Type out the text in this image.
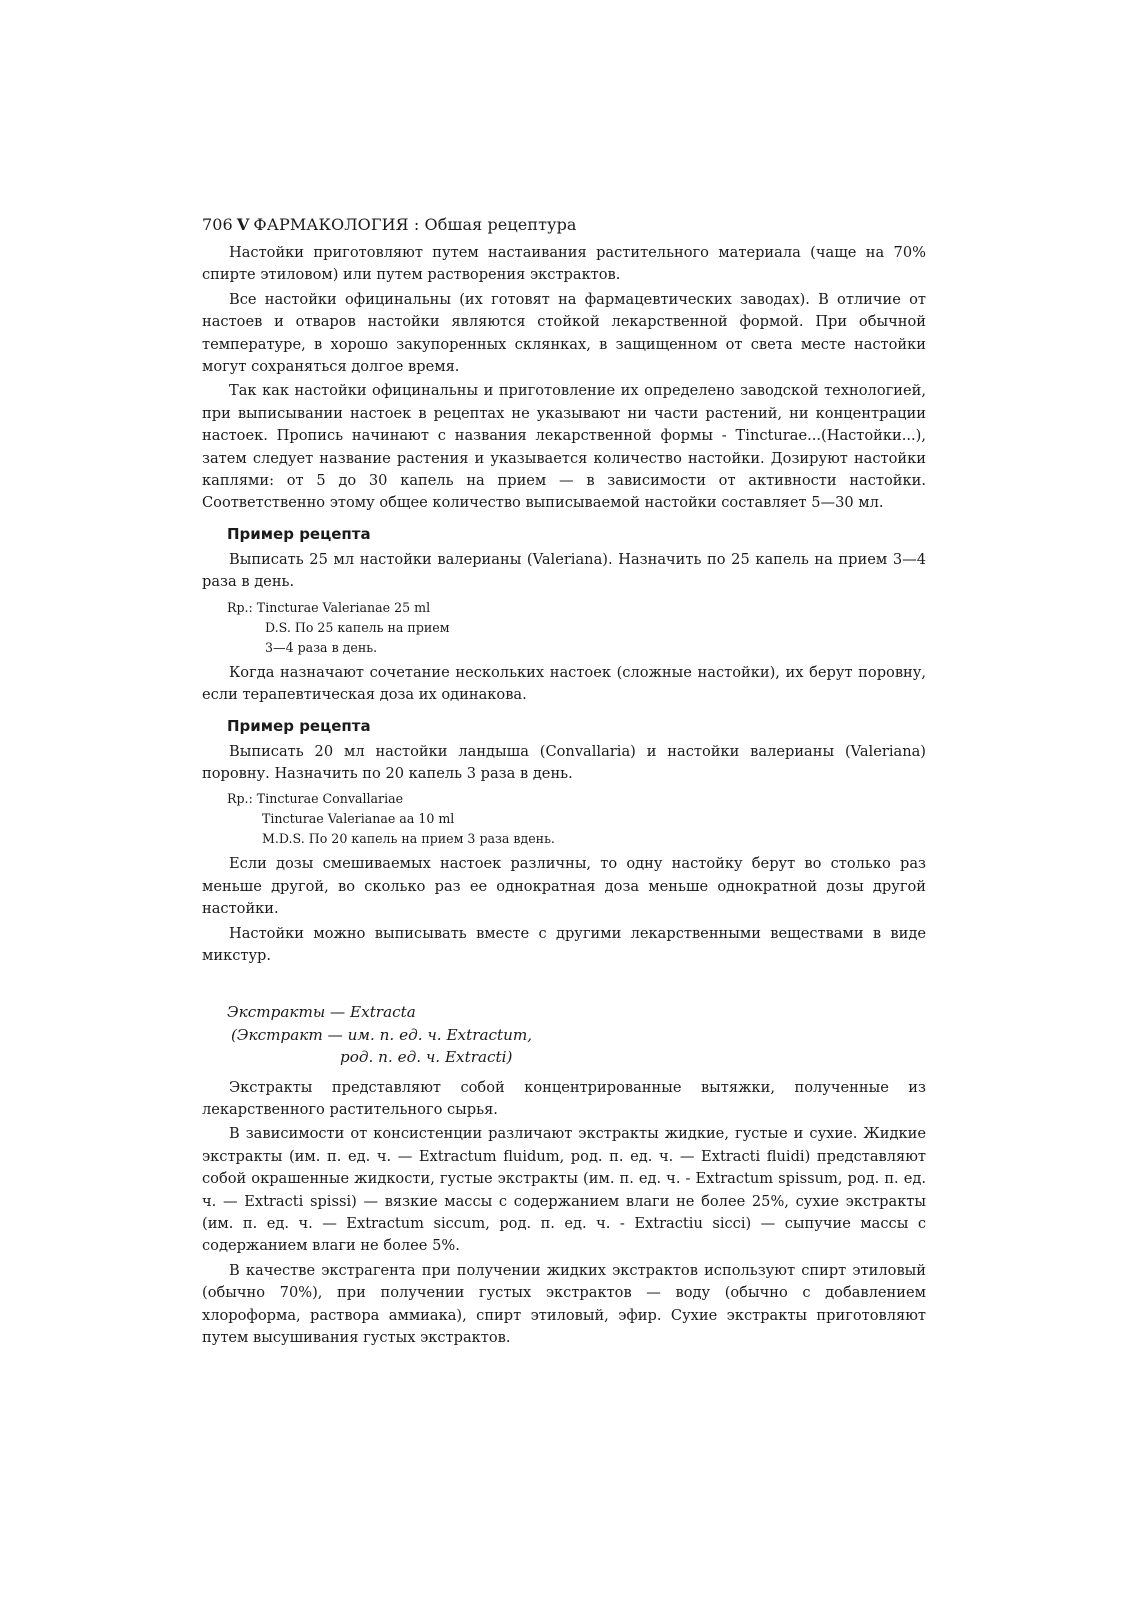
706 V ФАРМАКОЛОГИЯ : Обшая рецептура

Настойки приготовляют путем настаивания растительного материала (чаще на 70% спирте этиловом) или путем растворения экстрактов.

Все настойки официнальны (их готовят на фармацевтических заводах). В отличие от настоев и отваров настойки являются стойкой лекарственной формой. При обычной температуре, в хорошо закупоренных склянках, в защищенном от света месте настойки могут сохраняться долгое время.

Так как настойки официнальны и приготовление их определено заводской технологией, при выписывании настоек в рецептах не указывают ни части растений, ни концентрации настоек. Пропись начинают с названия лекарственной формы - Tincturae...(Настойки...), затем следует название растения и указывается количество настойки. Дозируют настойки каплями: от 5 до 30 капель на прием — в зависимости от активности настойки. Соответственно этому общее количество выписываемой настойки составляет 5—30 мл.

Пример рецепта

Выписать 25 мл настойки валерианы (Valeriana). Назначить по 25 капель на прием 3—4 раза в день.

Rp.: Tincturae Valerianae 25 ml
D.S. По 25 капель на прием
3—4 раза в день.

Когда назначают сочетание нескольких настоек (сложные настойки), их берут поровну, если терапевтическая доза их одинакова.

Пример рецепта

Выписать 20 мл настойки ландыша (Convallaria) и настойки валерианы (Valeriana) поровну. Назначить по 20 капель 3 раза в день.

Rp.: Tincturae Convallariae
Tincturae Valerianae aa 10 ml
M.D.S. По 20 капель на прием 3 раза вдень.

Если дозы смешиваемых настоек различны, то одну настойку берут во столько раз меньше другой, во сколько раз ее однократная доза меньше однократной дозы другой настойки.

Настойки можно выписывать вместе с другими лекарственными веществами в виде микстур.

Экстракты — Extracta
(Экстракт — им. п. ед. ч. Extractum,
род. п. ед. ч. Extracti)

Экстракты представляют собой концентрированные вытяжки, полученные из лекарственного растительного сырья.

В зависимости от консистенции различают экстракты жидкие, густые и сухие. Жидкие экстракты (им. п. ед. ч. — Extractum fluidum, род. п. ед. ч. — Extracti fluidi) представляют собой окрашенные жидкости, густые экстракты (им. п. ед. ч. - Extractum spissum, род. п. ед. ч. — Extracti spissi) — вязкие массы с содержанием влаги не более 25%, сухие экстракты (им. п. ед. ч. — Extractum siccum, род. п. ед. ч. - Extractiu sicci) — сыпучие массы с содержанием влаги не более 5%.

В качестве экстрагента при получении жидких экстрактов используют спирт этиловый (обычно 70%), при получении густых экстрактов — воду (обычно с добавлением хлороформа, раствора аммиака), спирт этиловый, эфир. Сухие экстракты приготовляют путем высушивания густых экстрактов.
